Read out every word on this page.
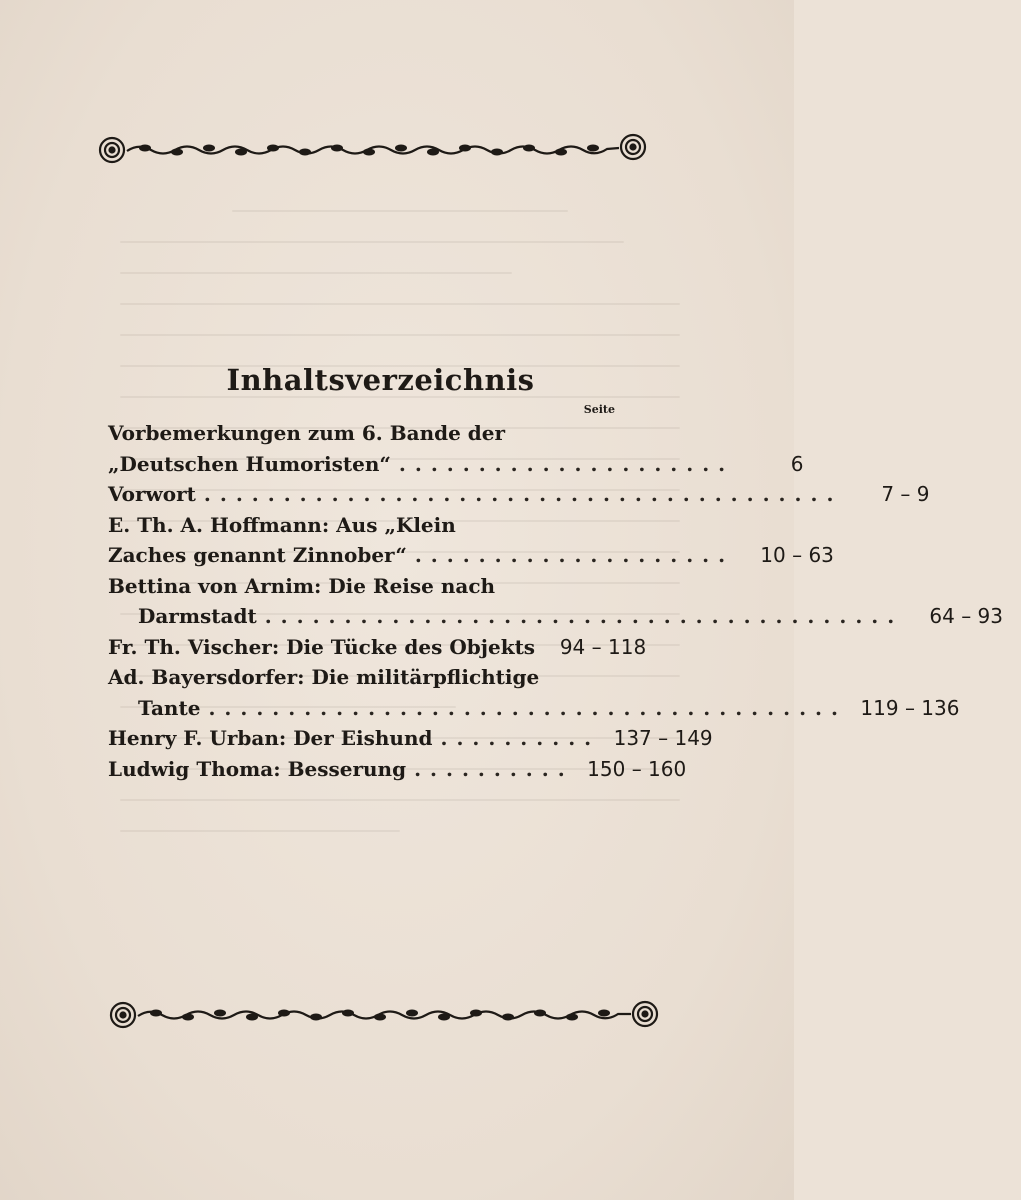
Inhaltsverzeichnis
Seite
Vorbemerkungen zum 6. Bande der
„Deutschen Humoristen“ .....................	6
Vorwort ........................................	7 – 9
E. Th. A. Hoffmann: Aus „Klein
Zaches genannt Zinnober“ ....................	10 – 63
Bettina von Arnim: Die Reise nach
Darmstadt ........................................	64 – 93
Fr. Th. Vischer: Die Tücke des Objekts	94 – 118
Ad. Bayersdorfer: Die militärpflichtige
Tante ........................................ 119 – 136
Henry F. Urban: Der Eishund .......... 137 – 149
Ludwig Thoma: Besserung .......... 150 – 160
